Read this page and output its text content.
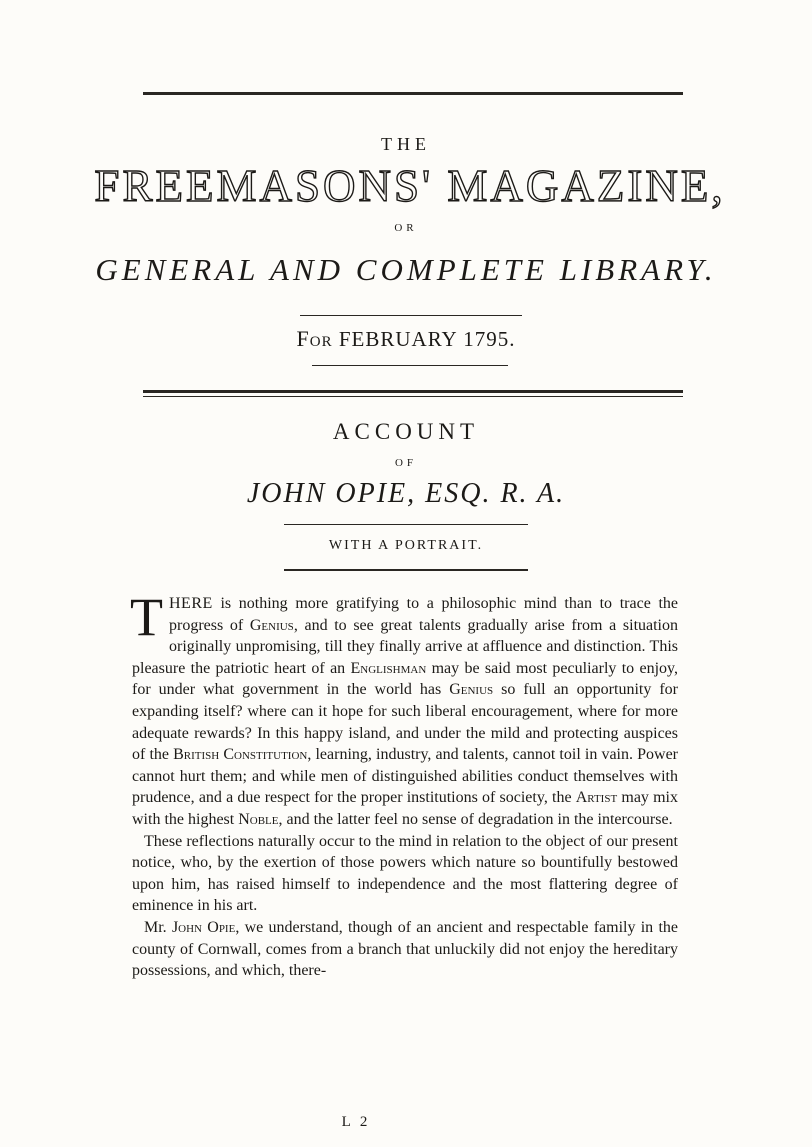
THE
FREEMASONS' MAGAZINE,
OR
GENERAL AND COMPLETE LIBRARY.
For FEBRUARY 1795.
ACCOUNT
OF
JOHN OPIE, ESQ. R. A.
WITH A PORTRAIT.

THERE is nothing more gratifying to a philosophic mind than to trace the progress of Genius, and to see great talents gradually arise from a situation originally unpromising, till they finally arrive at affluence and distinction. This pleasure the patriotic heart of an Englishman may be said most peculiarly to enjoy, for under what government in the world has Genius so full an opportunity for expanding itself? where can it hope for such liberal encouragement, where for more adequate rewards? In this happy island, and under the mild and protecting auspices of the British Constitution, learning, industry, and talents, cannot toil in vain. Power cannot hurt them; and while men of distinguished abilities conduct themselves with prudence, and a due respect for the proper institutions of society, the Artist may mix with the highest Noble, and the latter feel no sense of degradation in the intercourse.

These reflections naturally occur to the mind in relation to the object of our present notice, who, by the exertion of those powers which nature so bountifully bestowed upon him, has raised himself to independence and the most flattering degree of eminence in his art.

Mr. John Opie, we understand, though of an ancient and respectable family in the county of Cornwall, comes from a branch that unluckily did not enjoy the hereditary possessions, and which, there-

L 2
